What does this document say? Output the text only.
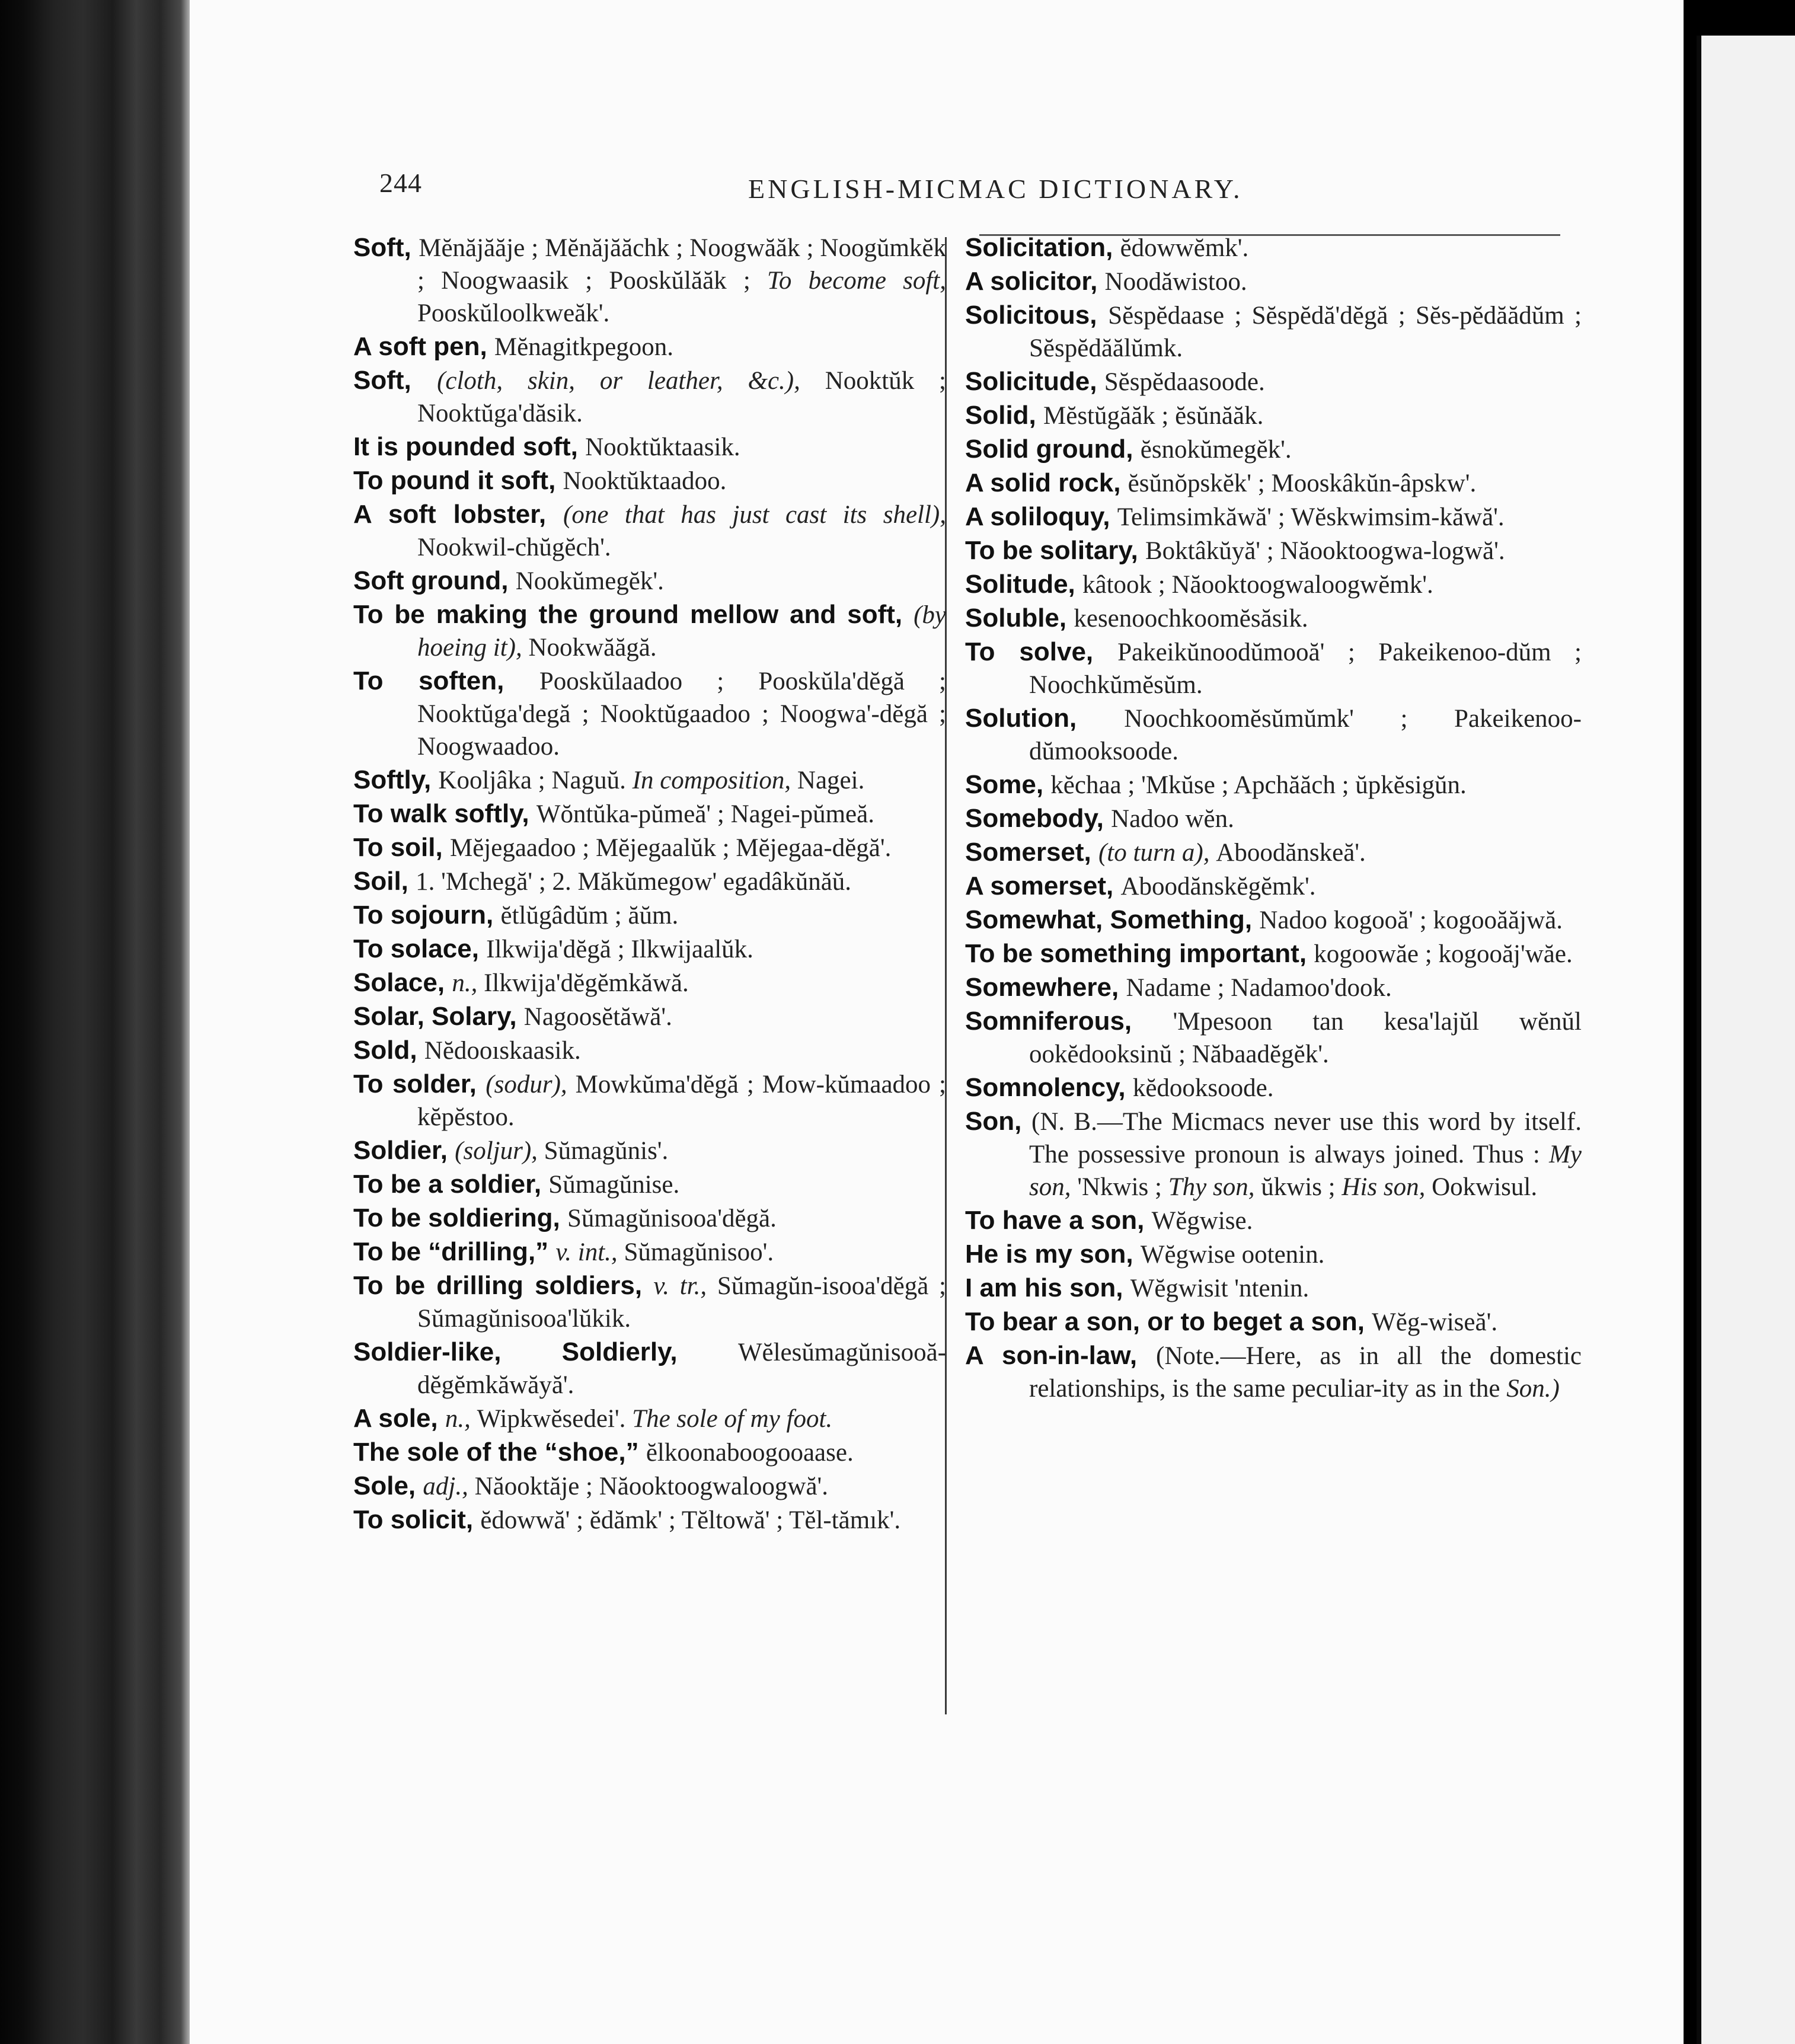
244	ENGLISH-MICMAC DICTIONARY.

Soft, Mĕnăjăăje ; Mĕnăjăăchk ; Noogwăăk ; Noogŭmkĕk ; Noogwaasik ; Pooskŭlăăk ; To become soft, Pooskŭloolkweăk'.

A soft pen, Mĕnagitkpegoon.

Soft, (cloth, skin, or leather, &c.), Nooktŭk ; Nooktŭga'dăsik.

It is pounded soft, Nooktŭktaasik.

To pound it soft, Nooktŭktaadoo.

A soft lobster, (one that has just cast its shell), Nookwil-chŭgĕch'.

Soft ground, Nookŭmegĕk'.

To be making the ground mellow and soft, (by hoeing it), Nookwăăgă.

To soften, Pooskŭlaadoo ; Pooskŭla'dĕgă ; Nooktŭga'degă ; Nooktŭgaadoo ; Noogwa'-dĕgă ; Noogwaadoo.

Softly, Kooljâka ; Naguŭ. In composition, Nagei.

To walk softly, Wŏntŭka-pŭmeă' ; Nagei-pŭmeă.

To soil, Mĕjegaadoo ; Mĕjegaalŭk ; Mĕjegaa-dĕgă'.

Soil, 1. 'Mchegă' ; 2. Măkŭmegow' egadâkŭnăŭ.

To sojourn, ĕtlŭgâdŭm ; ăŭm.

To solace, Ilkwija'dĕgă ; Ilkwijaalŭk.

Solace, n., Ilkwija'dĕgĕmkăwă.

Solar, Solary, Nagoosĕtăwă'.

Sold, Nĕdooıskaasik.

To solder, (sodur), Mowkŭma'dĕgă ; Mow-kŭmaadoo ; kĕpĕstoo.

Soldier, (soljur), Sŭmagŭnis'.

To be a soldier, Sŭmagŭnise.

To be soldiering, Sŭmagŭnisooa'dĕgă.

To be “drilling,” v. int., Sŭmagŭnisoo'.

To be drilling soldiers, v. tr., Sŭmagŭn-isooa'dĕgă ; Sŭmagŭnisooa'lŭkik.

Soldier-like, Soldierly, Wĕlesŭmagŭnisooă-dĕgĕmkăwăyă'.

A sole, n., Wipkwĕsedei'. The sole of my foot.

The sole of the “shoe,” ĕlkoonaboogooaase.

Sole, adj., Năooktăje ; Năooktoogwaloogwă'.

To solicit, ĕdowwă' ; ĕdămk' ; Tĕltowă' ; Tĕl-tămık'.

Solicitation, ĕdowwĕmk'.

A solicitor, Noodăwistoo.

Solicitous, Sĕspĕdaase ; Sĕspĕdă'dĕgă ; Sĕs-pĕdăădŭm ; Sĕspĕdăălŭmk.

Solicitude, Sĕspĕdaasoode.

Solid, Mĕstŭgăăk ; ĕsŭnăăk.

Solid ground, ĕsnokŭmegĕk'.

A solid rock, ĕsŭnŏpskĕk' ; Mooskâkŭn-âpskw'.

A soliloquy, Telimsimkăwă' ; Wĕskwimsim-kăwă'.

To be solitary, Boktâkŭyă' ; Năooktoogwa-logwă'.

Solitude, kâtook ; Năooktoogwaloogwĕmk'.

Soluble, kesenoochkoomĕsăsik.

To solve, Pakeikŭnoodŭmooă' ; Pakeikenoo-dŭm ; Noochkŭmĕsŭm.

Solution, Noochkoomĕsŭmŭmk' ; Pakeikenoo-dŭmooksoode.

Some, kĕchaa ; 'Mkŭse ; Apchăăch ; ŭpkĕsigŭn.

Somebody, Nadoo wĕn.

Somerset, (to turn a), Aboodănskeă'.

A somerset, Aboodănskĕgĕmk'.

Somewhat, Something, Nadoo kogooă' ; kogooăăjwă.

To be something important, kogoowăe ; kogooăj'wăe.

Somewhere, Nadame ; Nadamoo'dook.

Somniferous, 'Mpesoon tan kesa'lajŭl wĕnŭl ookĕdooksinŭ ; Năbaadĕgĕk'.

Somnolency, kĕdooksoode.

Son, (N. B.—The Micmacs never use this word by itself. The possessive pronoun is always joined. Thus : My son, 'Nkwis ; Thy son, ŭkwis ; His son, Ookwisul.

To have a son, Wĕgwise.

He is my son, Wĕgwise ootenin.

I am his son, Wĕgwisit 'ntenin.

To bear a son, or to beget a son, Wĕg-wiseă'.

A son-in-law, (Note.—Here, as in all the domestic relationships, is the same peculiar-ity as in the Son.)
